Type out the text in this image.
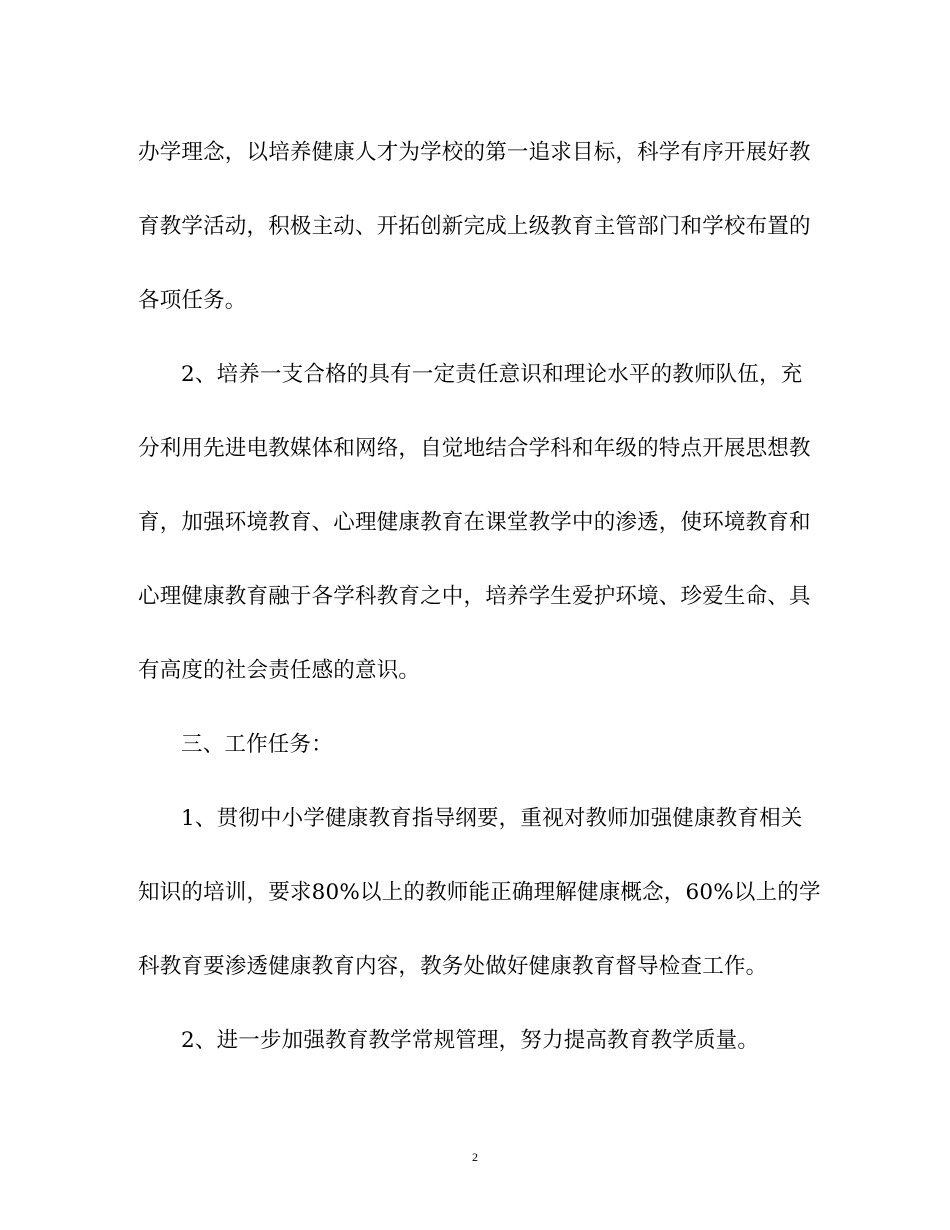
办学理念，以培养健康人才为学校的第一追求目标，科学有序开展好教
育教学活动，积极主动、开拓创新完成上级教育主管部门和学校布置的
各项任务。
2、培养一支合格的具有一定责任意识和理论水平的教师队伍，充
分利用先进电教媒体和网络，自觉地结合学科和年级的特点开展思想教
育，加强环境教育、心理健康教育在课堂教学中的渗透，使环境教育和
心理健康教育融于各学科教育之中，培养学生爱护环境、珍爱生命、具
有高度的社会责任感的意识。
三、工作任务：
1、贯彻中小学健康教育指导纲要，重视对教师加强健康教育相关
知识的培训，要求80%以上的教师能正确理解健康概念，60%以上的学
科教育要渗透健康教育内容，教务处做好健康教育督导检查工作。
2、进一步加强教育教学常规管理，努力提高教育教学质量。
2
